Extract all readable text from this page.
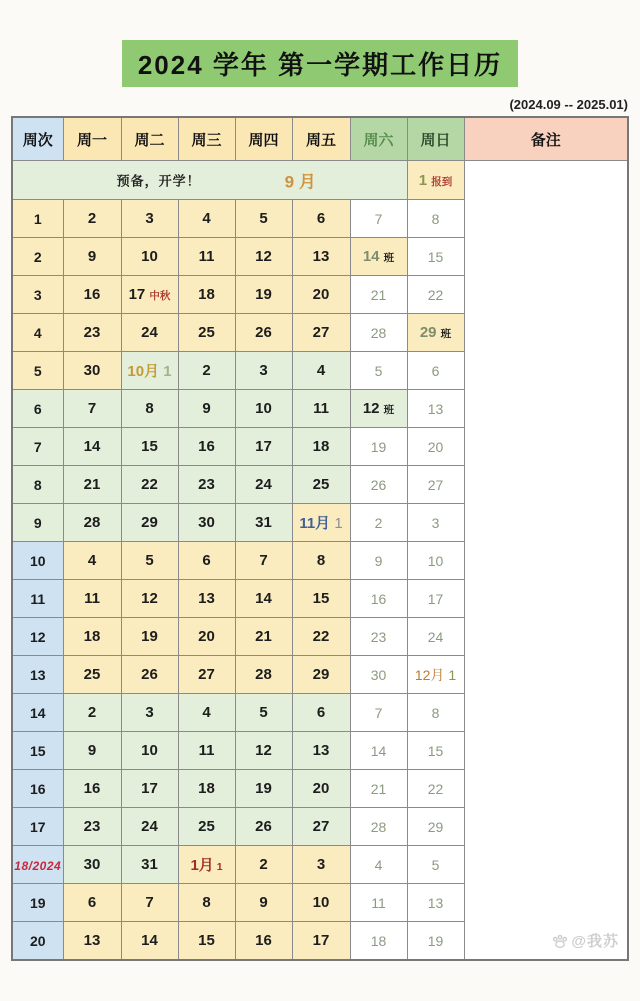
2024 学年 第一学期工作日历
(2024.09 -- 2025.01)
周次	周一	周二	周三	周四	周五	周六	周日	备注

预备，开学！ 9 月							1 报到	@我苏

1	2	3	4	5	6	7	8	
2	9	10	11	12	13	14 班	15	
3	16	17 中秋	18	19	20	21	22	
4	23	24	25	26	27	28	29 班	
5	30	10月 1	2	3	4	5	6	
6	7	8	9	10	11	12 班	13	
7	14	15	16	17	18	19	20	
8	21	22	23	24	25	26	27	
9	28	29	30	31	11月 1	2	3	
10	4	5	6	7	8	9	10	
11	11	12	13	14	15	16	17	
12	18	19	20	21	22	23	24	
13	25	26	27	28	29	30	12月 1	
14	2	3	4	5	6	7	8	
15	9	10	11	12	13	14	15	
16	16	17	18	19	20	21	22	
17	23	24	25	26	27	28	29	
18/2024	30	31	1月 1	2	3	4	5	
19	6	7	8	9	10	11	13	
20	13	14	15	16	17	18	19	
